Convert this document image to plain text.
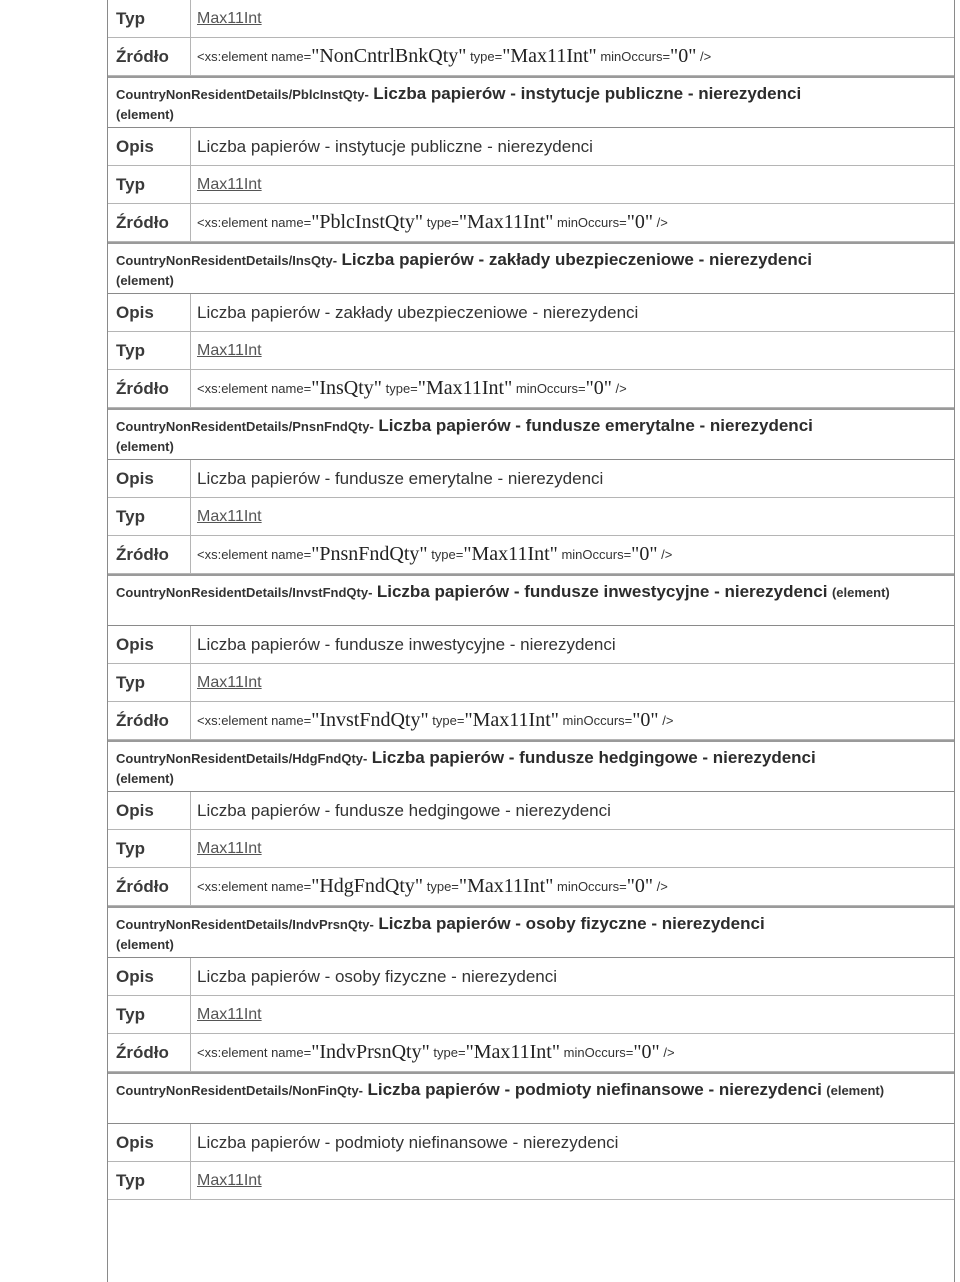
Typ	Max11Int
Źródło	<xs:element
name= "NonCntrlBnkQty"
type= "Max11Int"
minOccurs= "0"
/>
CountryNonResidentDetails/PblcInstQty- Liczba papierów - instytucje publiczne - nierezydenci
(element)
Opis	Liczba papierów - instytucje publiczne - nierezydenci
Typ	Max11Int
Źródło	<xs:element
name= "PblcInstQty"
type= "Max11Int"
minOccurs= "0"
/>
CountryNonResidentDetails/InsQty- Liczba papierów - zakłady ubezpieczeniowe - nierezydenci
(element)
Opis	Liczba papierów - zakłady ubezpieczeniowe - nierezydenci
Typ	Max11Int
Źródło	<xs:element
name= "InsQty"
type= "Max11Int"
minOccurs= "0"
/>
CountryNonResidentDetails/PnsnFndQty- Liczba papierów - fundusze emerytalne - nierezydenci
(element)
Opis	Liczba papierów - fundusze emerytalne - nierezydenci
Typ	Max11Int
Źródło	<xs:element
name= "PnsnFndQty"
type= "Max11Int"
minOccurs= "0"
/>
CountryNonResidentDetails/InvstFndQty- Liczba papierów - fundusze inwestycyjne - nierezydenci (element)
Opis	Liczba papierów - fundusze inwestycyjne - nierezydenci
Typ	Max11Int
Źródło	<xs:element
name= "InvstFndQty"
type= "Max11Int"
minOccurs= "0"
/>
CountryNonResidentDetails/HdgFndQty- Liczba papierów - fundusze hedgingowe - nierezydenci
(element)
Opis	Liczba papierów - fundusze hedgingowe - nierezydenci
Typ	Max11Int
Źródło	<xs:element
name= "HdgFndQty"
type= "Max11Int"
minOccurs= "0"
/>
CountryNonResidentDetails/IndvPrsnQty- Liczba papierów - osoby fizyczne - nierezydenci
(element)
Opis	Liczba papierów - osoby fizyczne - nierezydenci
Typ	Max11Int
Źródło	<xs:element
name= "IndvPrsnQty"
type= "Max11Int"
minOccurs= "0"
/>
CountryNonResidentDetails/NonFinQty- Liczba papierów - podmioty niefinansowe - nierezydenci (element)
Opis	Liczba papierów - podmioty niefinansowe - nierezydenci
Typ	Max11Int
